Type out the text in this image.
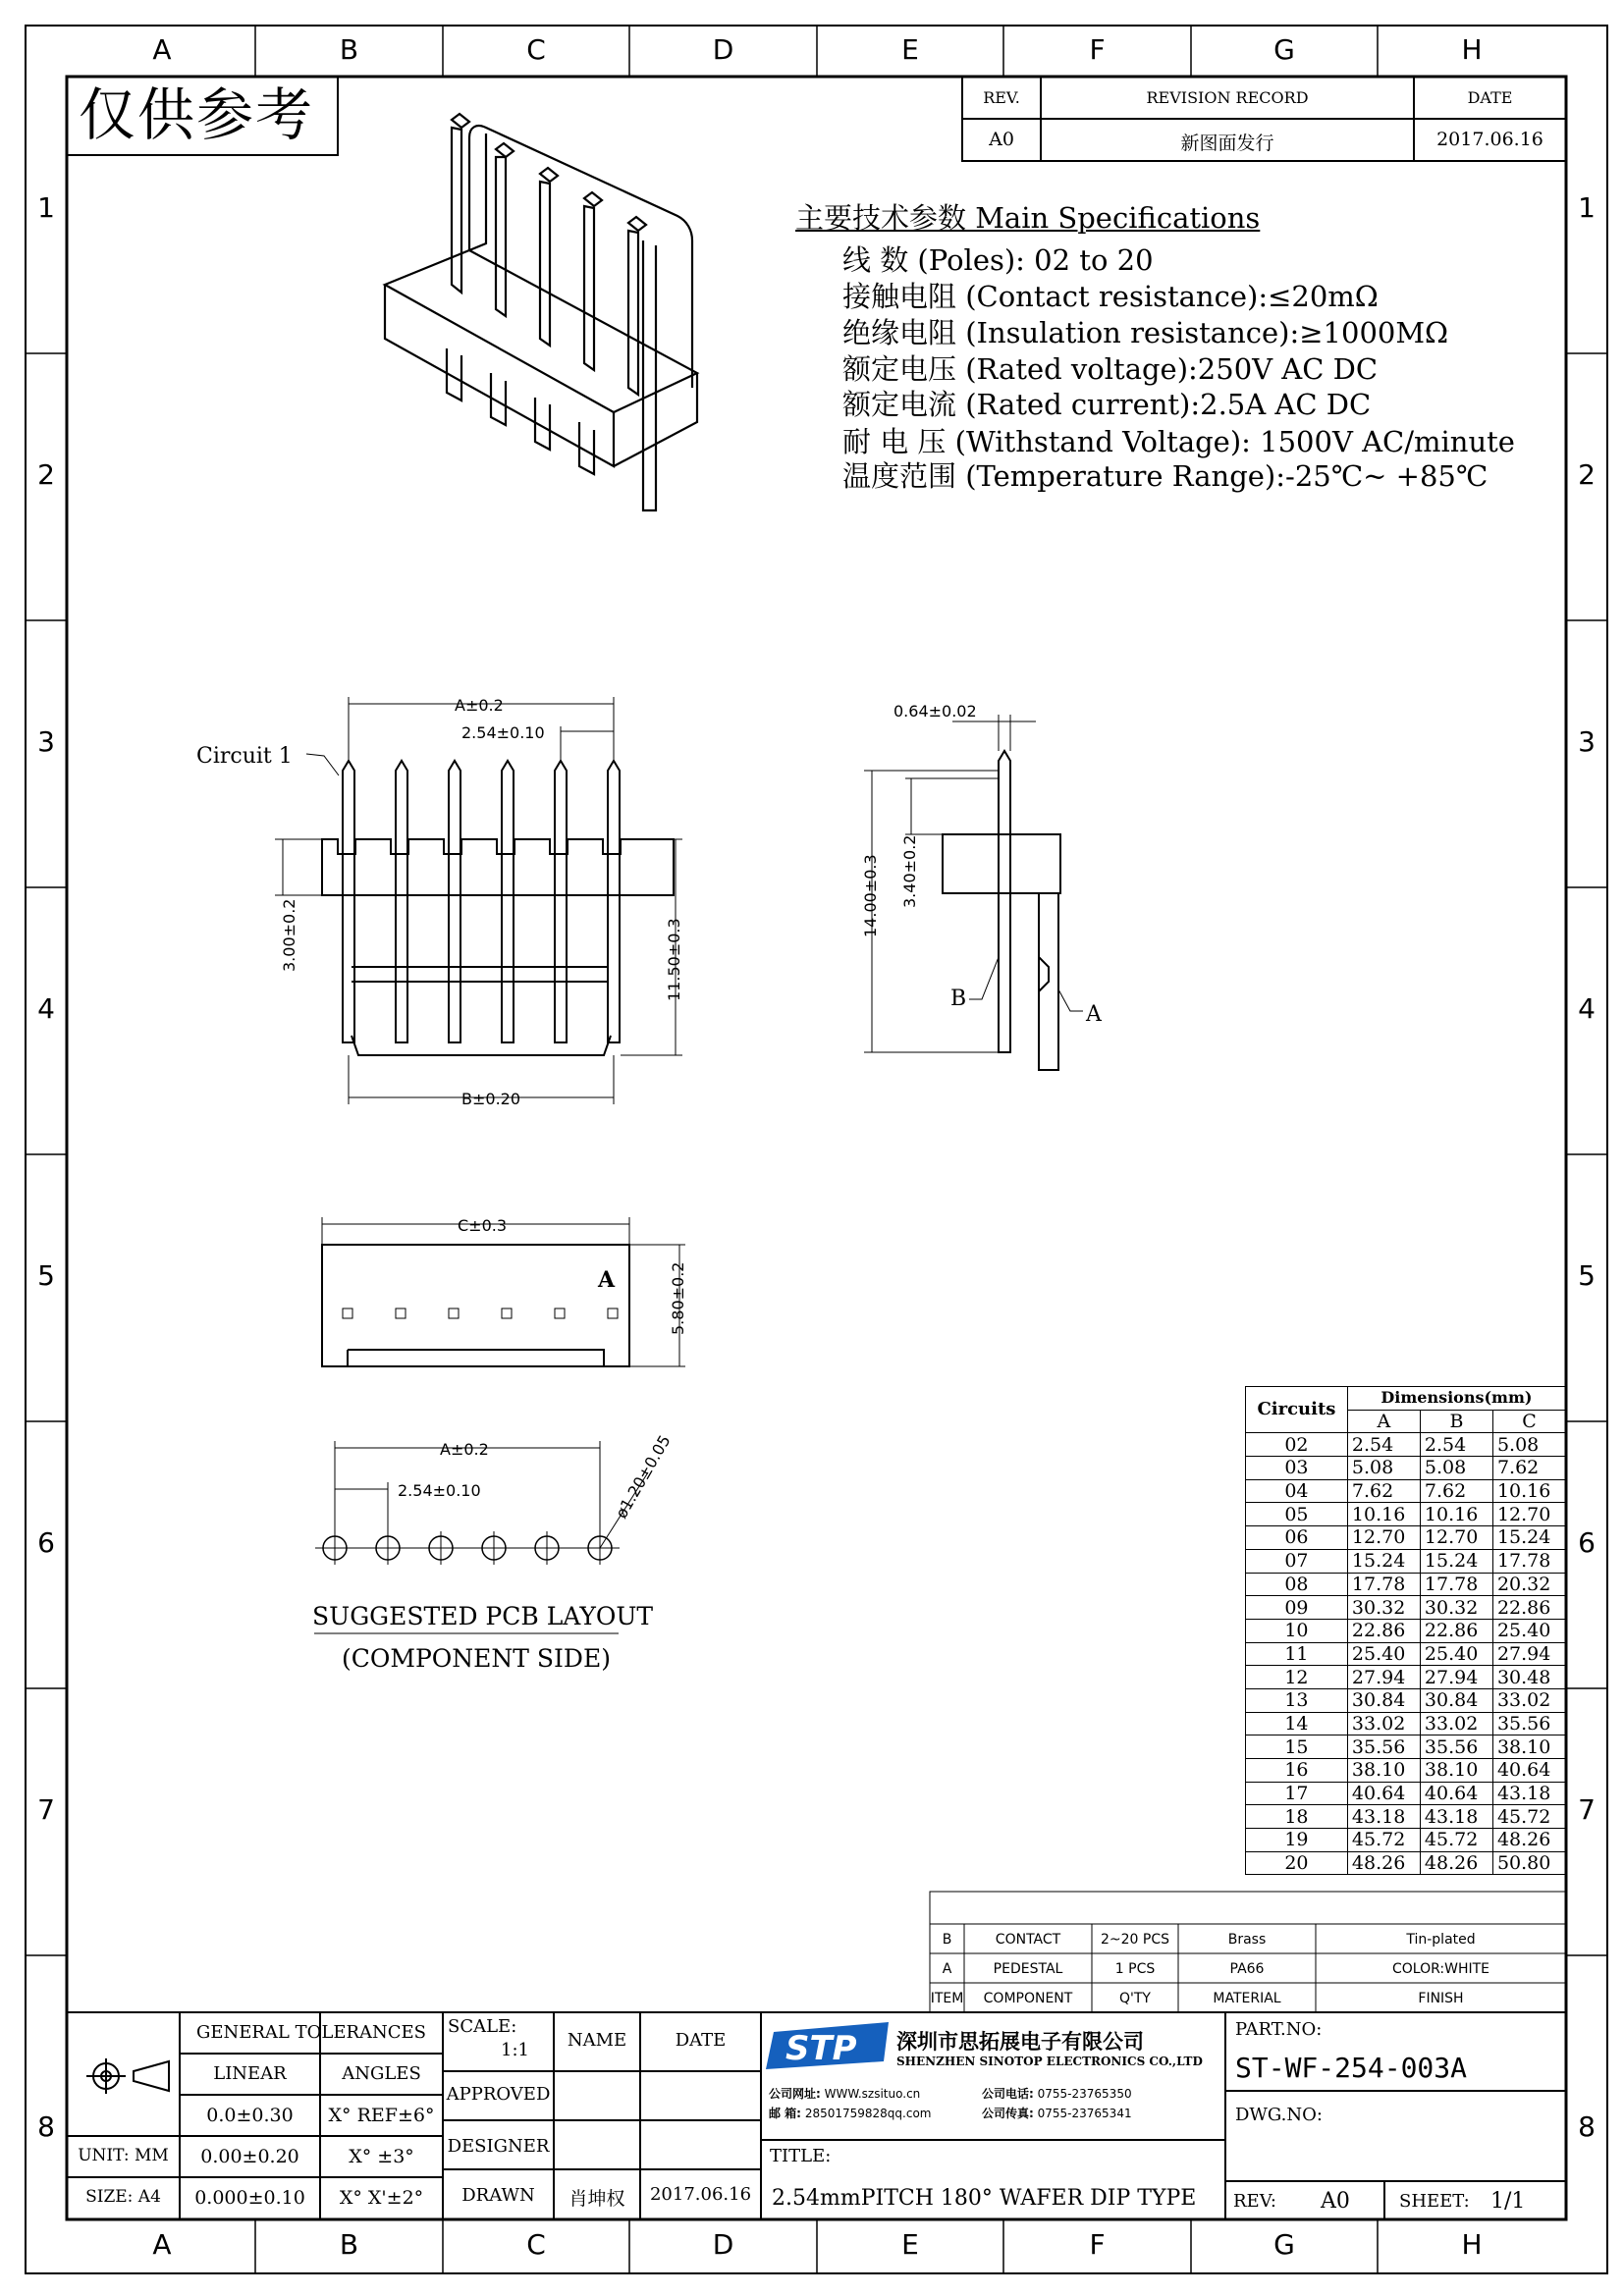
STP
A±0.2
2.54±0.10
B±0.20
3.00±0.2	11.50±0.3
0.64±0.02
14.00±0.3 3.40±0.2
C±0.3
5.80±0.2
A±0.2
2.54±0.10	ø1.20±0.05
Circuit 1
B
A
A
A	B	C	D	E	F	G	H
A	B	C	D	E	F	G	H
1
2
3
4
5
6
7
8
1
2
3
4
5
6
7
8
仅供参考	REV.	REVISION RECORD	DATE
A0	新图面发行	2017.06.16
主要技术参数 Main Specifications
线 数 (Poles): 02 to 20
接触电阻 (Contact resistance):≤20mΩ
绝缘电阻 (Insulation resistance):≥1000MΩ
额定电压 (Rated voltage):250V AC DC
额定电流 (Rated current):2.5A AC DC
耐 电 压 (Withstand Voltage): 1500V AC/minute
温度范围 (Temperature Range):-25℃~ +85℃
SUGGESTED PCB LAYOUT
(COMPONENT SIDE)
Circuits	Dimensions(mm)		
	A	B	C
02	2.54	2.54	5.08
03	5.08	5.08	7.62
04	7.62	7.62	10.16
05	10.16	10.16	12.70
06	12.70	12.70	15.24
07	15.24	15.24	17.78
08	17.78	17.78	20.32
09	30.32	30.32	22.86
10	22.86	22.86	25.40
11	25.40	25.40	27.94
12	27.94	27.94	30.48
13	30.84	30.84	33.02
14	33.02	33.02	35.56
15	35.56	35.56	38.10
16	38.10	38.10	40.64
17	40.64	40.64	43.18
18	43.18	43.18	45.72
19	45.72	45.72	48.26
20	48.26	48.26	50.80
B	CONTACT	2~20 PCS	Brass	Tin-plated
A	PEDESTAL	1 PCS	PA66	COLOR:WHITE
ITEM	COMPONENT	Q'TY	MATERIAL	FINISH
GENERAL TOLERANCES
LINEAR	ANGLES
0.0±0.30	X° REF±6°
UNIT: MM	0.00±0.20	X° ±3°
SIZE: A4	0.000±0.10	X° X'±2°
SCALE:
1:1	NAME	DATE
APPROVED
DESIGNER
DRAWN	肖坤权	2017.06.16
深圳市思拓展电子有限公司
SHENZHEN SINOTOP ELECTRONICS CO.,LTD
公司网址: WWW.szsituo.cn	公司电话: 0755-23765350
邮 箱: 28501759828qq.com	公司传真: 0755-23765341
TITLE:
2.54mmPITCH 180° WAFER DIP TYPE
PART.NO:
ST-WF-254-003A
DWG.NO:
REV: A0	SHEET: 1/1
